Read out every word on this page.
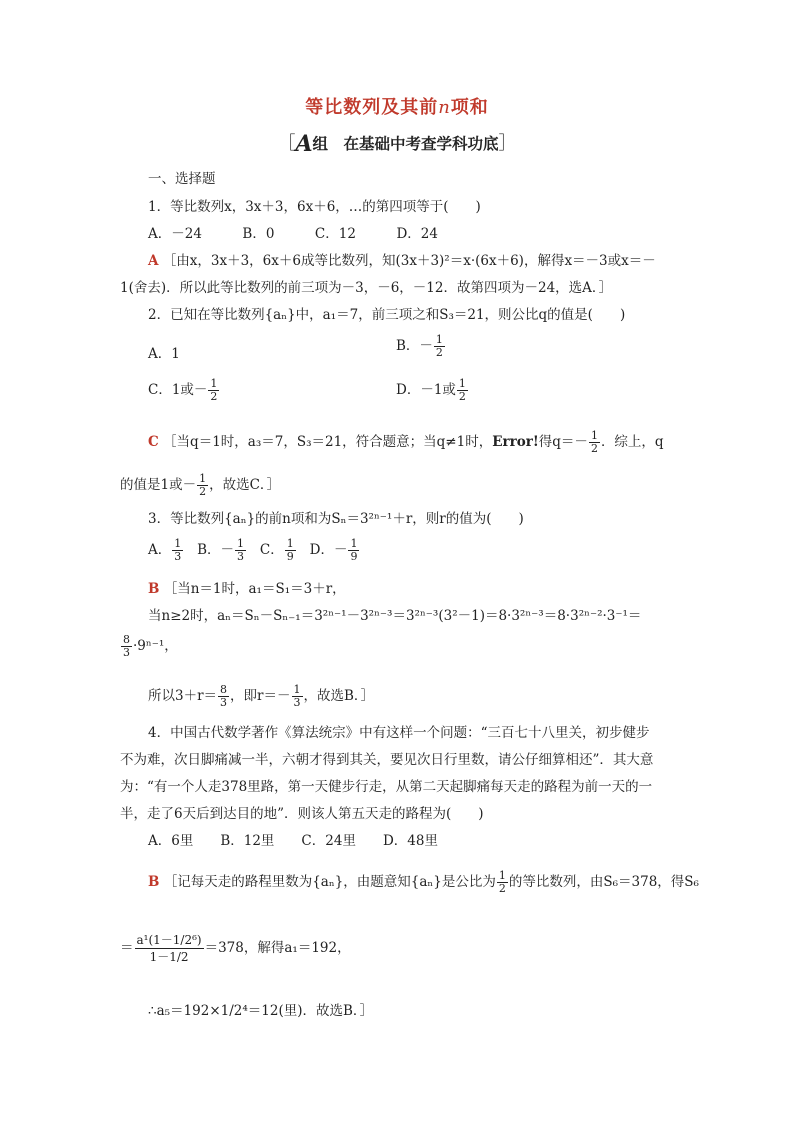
等比数列及其前n项和
［A组　在基础中考查学科功底］
一、选择题
1．等比数列x，3x＋3，6x＋6，…的第四项等于(　　)
A．－24　　　B．0　　　C．12　　　D．24
A ［由x，3x＋3，6x＋6成等比数列，知(3x＋3)²＝x·(6x＋6)，解得x＝－3或x＝－
1(舍去)．所以此等比数列的前三项为－3，－6，－12．故第四项为－24，选A．］
2．已知在等比数列{aₙ}中，a₁＝7，前三项之和S₃＝21，则公比q的值是(　　)
A．1	B．－ $\frac{1}{2}$
C．1或－ $\frac{1}{2}$	D．－1或 $\frac{1}{2}$
C ［当q＝1时，a₃＝7，S₃＝21，符合题意；当q≠1时，Error!得$q=- \frac{1}{2}$ ．综上，q
的值是1或－ $\frac{1}{2}$ ，故选C．］
3．等比数列{aₙ}的前n项和为Sₙ＝3²ⁿ⁻¹＋r，则r的值为(　　)
A． $\frac{1}{3}$ B．－ $\frac{1}{3}$ C． $\frac{1}{9}$ D．－ $\frac{1}{9}$
B ［当n＝1时，a₁＝S₁＝3＋r，
当n≥2时，aₙ＝Sₙ－Sₙ₋₁＝3²ⁿ⁻¹－3²ⁿ⁻³＝3²ⁿ⁻³(3²－1)＝8·3²ⁿ⁻³＝8·3²ⁿ⁻²·3⁻¹＝
$\frac{8}{3} \cdot 9^{n-1}$，
所以$3+r= \frac{8}{3}$ ，即$r=- \frac{1}{3}$ ，故选B．］
4．中国古代数学著作《算法统宗》中有这样一个问题：“三百七十八里关，初步健步
不为难，次日脚痛减一半，六朝才得到其关，要见次日行里数，请公仔细算相还”．其大意
为：“有一个人走378里路，第一天健步行走，从第二天起脚痛每天走的路程为前一天的一
半，走了6天后到达目的地”．则该人第五天走的路程为(　　)
A．6里　　B．12里　　C．24里　　D．48里
B ［记每天走的路程里数为{aₙ}，由题意知{aₙ}是公比为 $\frac{1}{2}$ 的等比数列，由S₆＝378，得S₆
＝ $\frac{\text{a¹(1－1/2⁶)}}{1-1/2} =378$，解得a₁＝192，
∴a₅＝192×1/2⁴＝12(里)．故选B．］
